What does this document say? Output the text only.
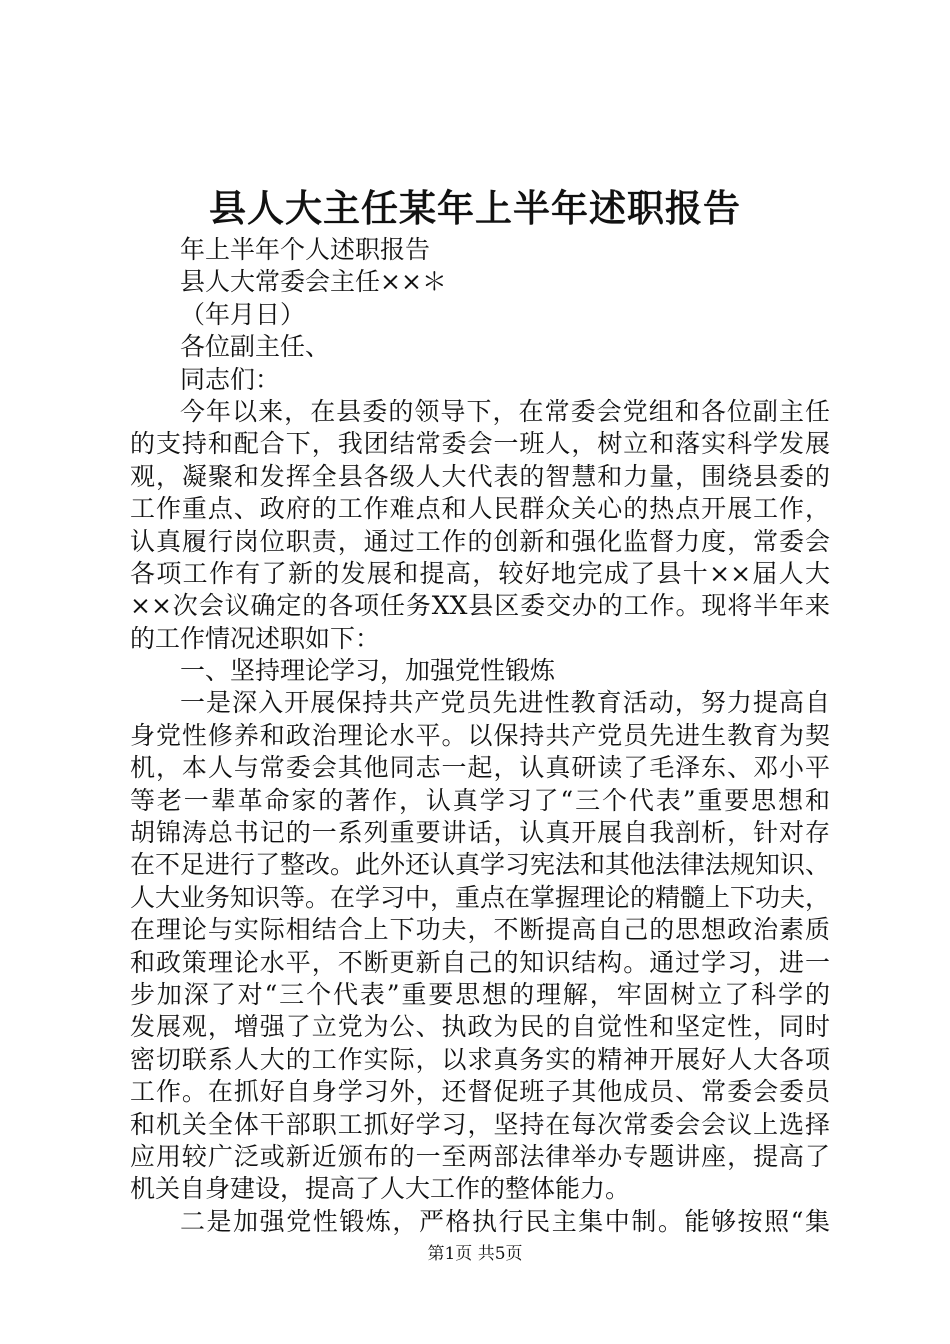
县人大主任某年上半年述职报告
年上半年个人述职报告
县人大常委会主任××＊
（年月日）
各位副主任、
同志们：
今年以来，在县委的领导下，在常委会党组和各位副主任
的支持和配合下，我团结常委会一班人，树立和落实科学发展
观，凝聚和发挥全县各级人大代表的智慧和力量，围绕县委的
工作重点、政府的工作难点和人民群众关心的热点开展工作，
认真履行岗位职责，通过工作的创新和强化监督力度，常委会
各项工作有了新的发展和提高，较好地完成了县十××届人大
××次会议确定的各项任务XX县区委交办的工作。现将半年来
的工作情况述职如下：
一、坚持理论学习，加强党性锻炼
一是深入开展保持共产党员先进性教育活动，努力提高自
身党性修养和政治理论水平。以保持共产党员先进生教育为契
机，本人与常委会其他同志一起，认真研读了毛泽东、邓小平
等老一辈革命家的著作，认真学习了“三个代表”重要思想和
胡锦涛总书记的一系列重要讲话，认真开展自我剖析，针对存
在不足进行了整改。此外还认真学习宪法和其他法律法规知识、
人大业务知识等。在学习中，重点在掌握理论的精髓上下功夫，
在理论与实际相结合上下功夫，不断提高自己的思想政治素质
和政策理论水平，不断更新自己的知识结构。通过学习，进一
步加深了对“三个代表”重要思想的理解，牢固树立了科学的
发展观，增强了立党为公、执政为民的自觉性和坚定性，同时
密切联系人大的工作实际，以求真务实的精神开展好人大各项
工作。在抓好自身学习外，还督促班子其他成员、常委会委员
和机关全体干部职工抓好学习，坚持在每次常委会会议上选择
应用较广泛或新近颁布的一至两部法律举办专题讲座，提高了
机关自身建设，提高了人大工作的整体能力。
二是加强党性锻炼，严格执行民主集中制。能够按照“集
第1页 共5页
